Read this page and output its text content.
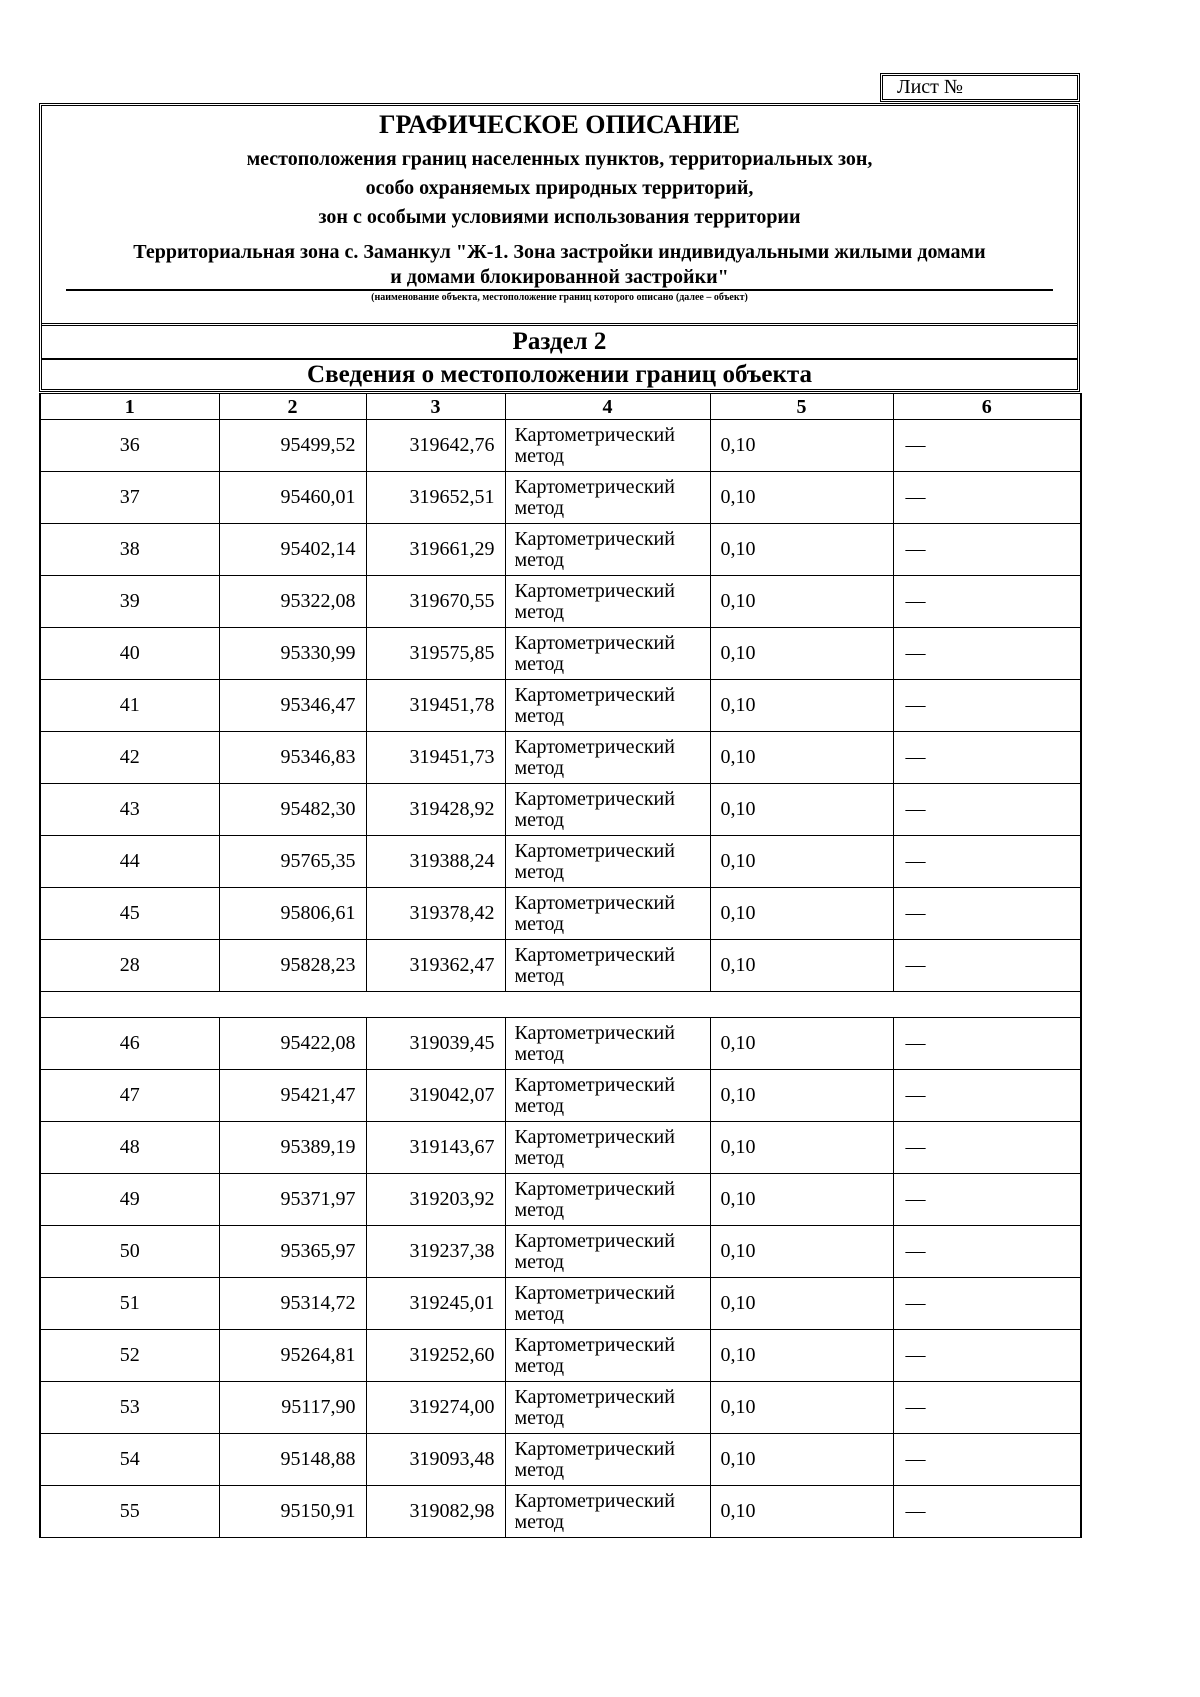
Лист №
ГРАФИЧЕСКОЕ ОПИСАНИЕ
местоположения границ населенных пунктов, территориальных зон,
особо охраняемых природных территорий,
зон с особыми условиями использования территории
Территориальная зона с. Заманкул "Ж-1. Зона застройки индивидуальными жилыми домами
и домами блокированной застройки"
(наименование объекта, местоположение границ которого описано (далее – объект)
Раздел 2
Сведения о местоположении границ объекта
1	2	3	4	5	6
36	95499,52	319642,76	Картометрический метод	0,10	—
37	95460,01	319652,51	Картометрический метод	0,10	—
38	95402,14	319661,29	Картометрический метод	0,10	—
39	95322,08	319670,55	Картометрический метод	0,10	—
40	95330,99	319575,85	Картометрический метод	0,10	—
41	95346,47	319451,78	Картометрический метод	0,10	—
42	95346,83	319451,73	Картометрический метод	0,10	—
43	95482,30	319428,92	Картометрический метод	0,10	—
44	95765,35	319388,24	Картометрический метод	0,10	—
45	95806,61	319378,42	Картометрический метод	0,10	—
28	95828,23	319362,47	Картометрический метод	0,10	—

46	95422,08	319039,45	Картометрический метод	0,10	—
47	95421,47	319042,07	Картометрический метод	0,10	—
48	95389,19	319143,67	Картометрический метод	0,10	—
49	95371,97	319203,92	Картометрический метод	0,10	—
50	95365,97	319237,38	Картометрический метод	0,10	—
51	95314,72	319245,01	Картометрический метод	0,10	—
52	95264,81	319252,60	Картометрический метод	0,10	—
53	95117,90	319274,00	Картометрический метод	0,10	—
54	95148,88	319093,48	Картометрический метод	0,10	—
55	95150,91	319082,98	Картометрический метод	0,10	—
